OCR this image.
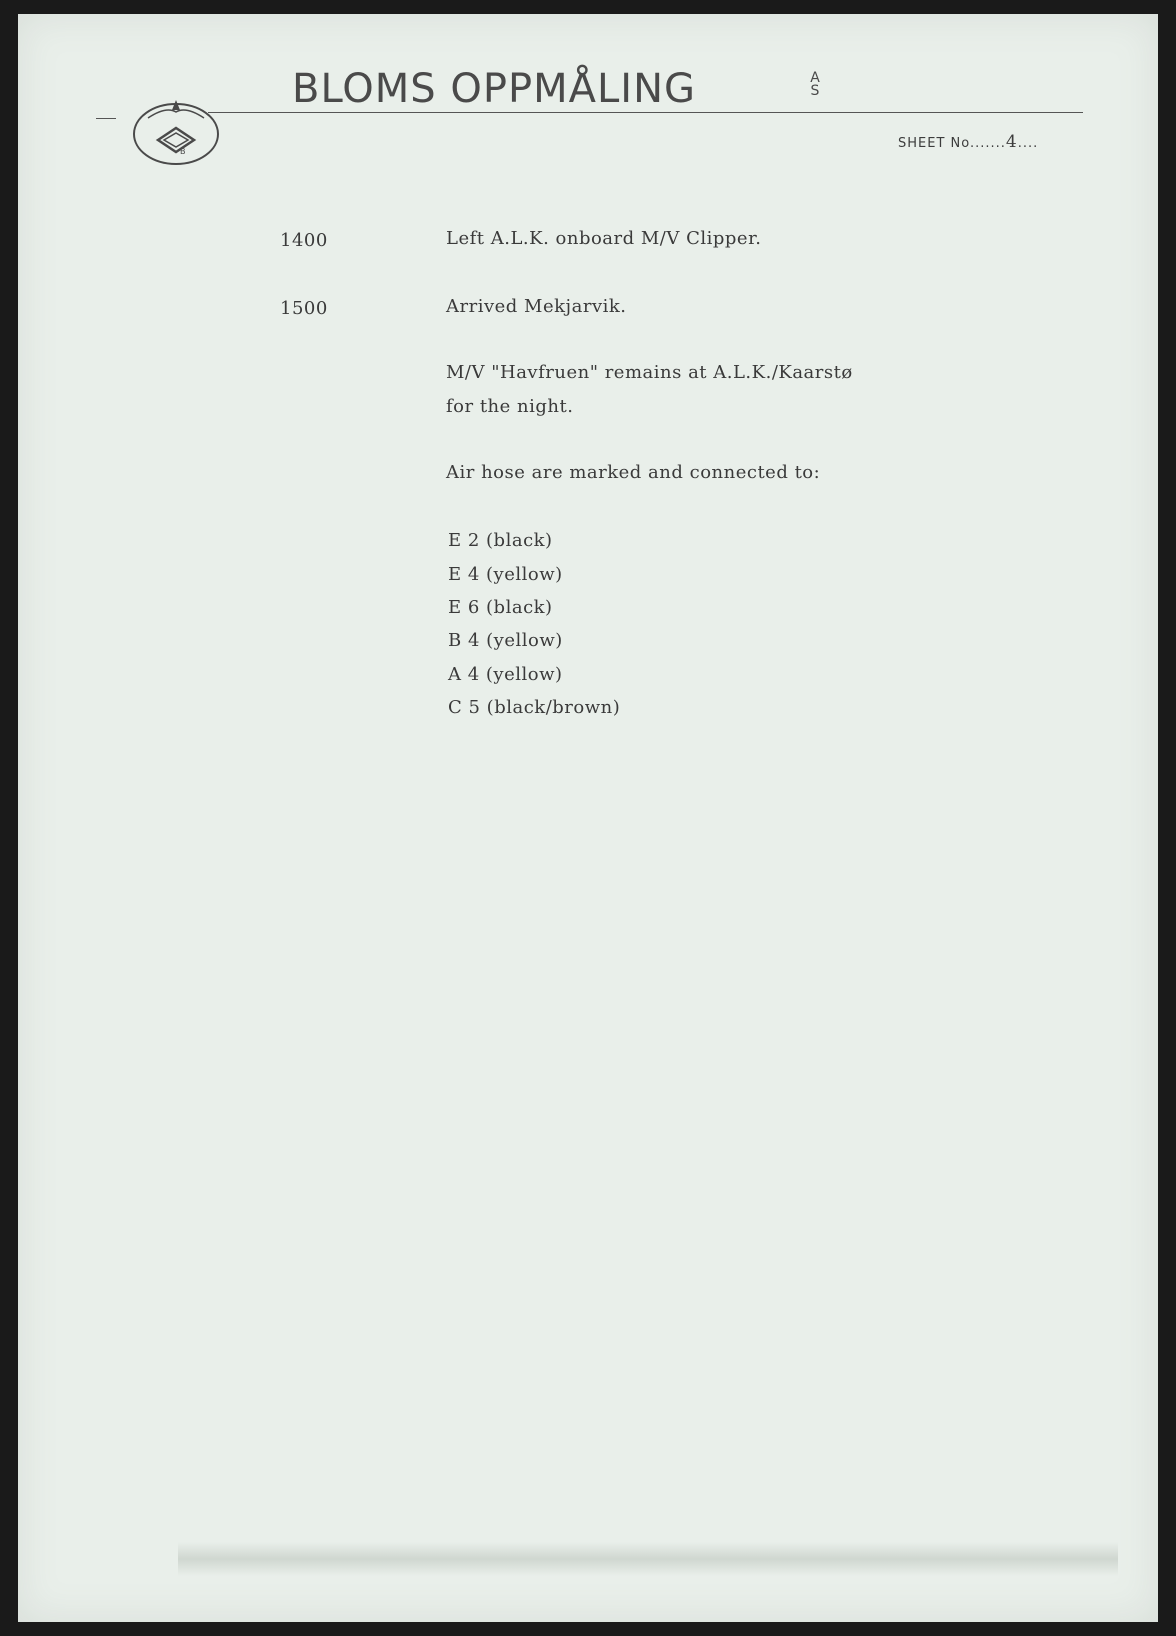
B
BLOMS OPPMÅLING	A
S
SHEET No.......4....
1400	Left A.L.K. onboard M/V Clipper.
1500	Arrived Mekjarvik.
M/V "Havfruen" remains at A.L.K./Kaarstø
for the night.
Air hose are marked and connected to:
E 2 (black)
E 4 (yellow)
E 6 (black)
B 4 (yellow)
A 4 (yellow)
C 5 (black/brown)
